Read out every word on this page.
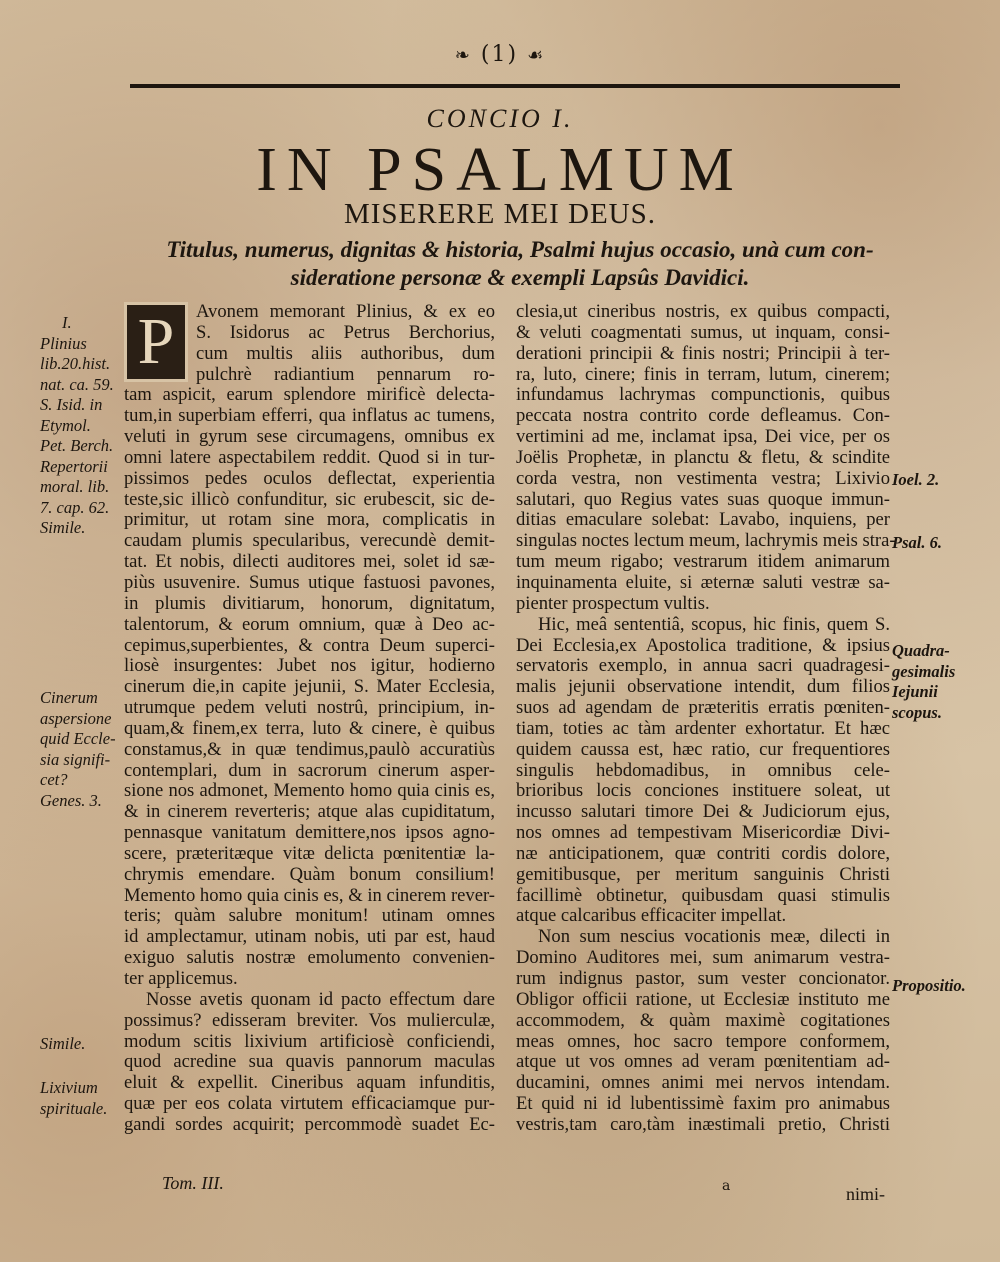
❧ (1) ☙
CONCIO I.
IN PSALMUM
MISERERE MEI DEUS.
Titulus, numerus, dignitas & historia, Psalmi hujus occasio, unà cum con-
sideratione personæ & exempli Lapsûs Davidici.
P	Avonem memorant Plinius, & ex eo
S. Isidorus ac Petrus Berchorius,
cum multis aliis authoribus, dum
pulchrè radiantium pennarum ro-
tam aspicit, earum splendore mirificè delecta-
tum,in superbiam efferri, qua inflatus ac tumens,
veluti in gyrum sese circumagens, omnibus ex
omni latere aspectabilem reddit. Quod si in tur-
pissimos pedes oculos deflectat, experientia
teste,sic illicò confunditur, sic erubescit, sic de-
primitur, ut rotam sine mora, complicatis in
caudam plumis specularibus, verecundè demit-
tat. Et nobis, dilecti auditores mei, solet id sæ-
piùs usuvenire. Sumus utique fastuosi pavones,
in plumis divitiarum, honorum, dignitatum,
talentorum, & eorum omnium, quæ à Deo ac-
cepimus,superbientes, & contra Deum superci-
liosè insurgentes: Jubet nos igitur, hodierno
cinerum die,in capite jejunii, S. Mater Ecclesia,
utrumque pedem veluti nostrû, principium, in-
quam,& finem,ex terra, luto & cinere, è quibus
constamus,& in quæ tendimus,paulò accuratiùs
contemplari, dum in sacrorum cinerum asper-
sione nos admonet, Memento homo quia cinis es,
& in cinerem reverteris; atque alas cupiditatum,
pennasque vanitatum demittere,nos ipsos agno-
scere, præteritæque vitæ delicta pœnitentiæ la-
chrymis emendare. Quàm bonum consilium!
Memento homo quia cinis es, & in cinerem rever-
teris; quàm salubre monitum! utinam omnes
id amplectamur, utinam nobis, uti par est, haud
exiguo salutis nostræ emolumento convenien-
ter applicemus.
Nosse avetis quonam id pacto effectum dare
possimus? edisseram breviter. Vos mulierculæ,
modum scitis lixivium artificiosè conficiendi,
quod acredine sua quavis pannorum maculas
eluit & expellit. Cineribus aquam infunditis,
quæ per eos colata virtutem efficaciamque pur-
gandi sordes acquirit; percommodè suadet Ec-
clesia,ut cineribus nostris, ex quibus compacti,
& veluti coagmentati sumus, ut inquam, consi-
derationi principii & finis nostri; Principii à ter-
ra, luto, cinere; finis in terram, lutum, cinerem;
infundamus lachrymas compunctionis, quibus
peccata nostra contrito corde defleamus. Con-
vertimini ad me, inclamat ipsa, Dei vice, per os
Joëlis Prophetæ, in planctu & fletu, & scindite
corda vestra, non vestimenta vestra; Lixivio
salutari, quo Regius vates suas quoque immun-
ditias emaculare solebat: Lavabo, inquiens, per
singulas noctes lectum meum, lachrymis meis stra-
tum meum rigabo; vestrarum itidem animarum
inquinamenta eluite, si æternæ saluti vestræ sa-
pienter prospectum vultis.
Hic, meâ sententiâ, scopus, hic finis, quem S.
Dei Ecclesia,ex Apostolica traditione, & ipsius
servatoris exemplo, in annua sacri quadragesi-
malis jejunii observatione intendit, dum filios
suos ad agendam de præteritis erratis pœniten-
tiam, toties ac tàm ardenter exhortatur. Et hæc
quidem caussa est, hæc ratio, cur frequentiores
singulis hebdomadibus, in omnibus cele-
brioribus locis conciones instituere soleat, ut
incusso salutari timore Dei & Judiciorum ejus,
nos omnes ad tempestivam Misericordiæ Divi-
næ anticipationem, quæ contriti cordis dolore,
gemitibusque, per meritum sanguinis Christi
facillimè obtinetur, quibusdam quasi stimulis
atque calcaribus efficaciter impellat.
Non sum nescius vocationis meæ, dilecti in
Domino Auditores mei, sum animarum vestra-
rum indignus pastor, sum vester concionator.
Obligor officii ratione, ut Ecclesiæ instituto me
accommodem, & quàm maximè cogitationes
meas omnes, hoc sacro tempore conformem,
atque ut vos omnes ad veram pœnitentiam ad-
ducamini, omnes animi mei nervos intendam.
Et quid ni id lubentissimè faxim pro animabus
vestris,tam caro,tàm inæstimali pretio, Christi
I.
Plinius
lib.20.hist.
nat. ca. 59.
S. Isid. in
Etymol.
Pet. Berch.
Repertorii
moral. lib.
7. cap. 62.
Simile.
Cinerum
aspersione
quid Eccle-
sia signifi-
cet?
Genes. 3.
Simile.
Lixivium
spirituale.
Ioel. 2.
Psal. 6.
Quadra-
gesimalis
Iejunii
scopus.
Propositio.
Tom. III.	a	nimi-
